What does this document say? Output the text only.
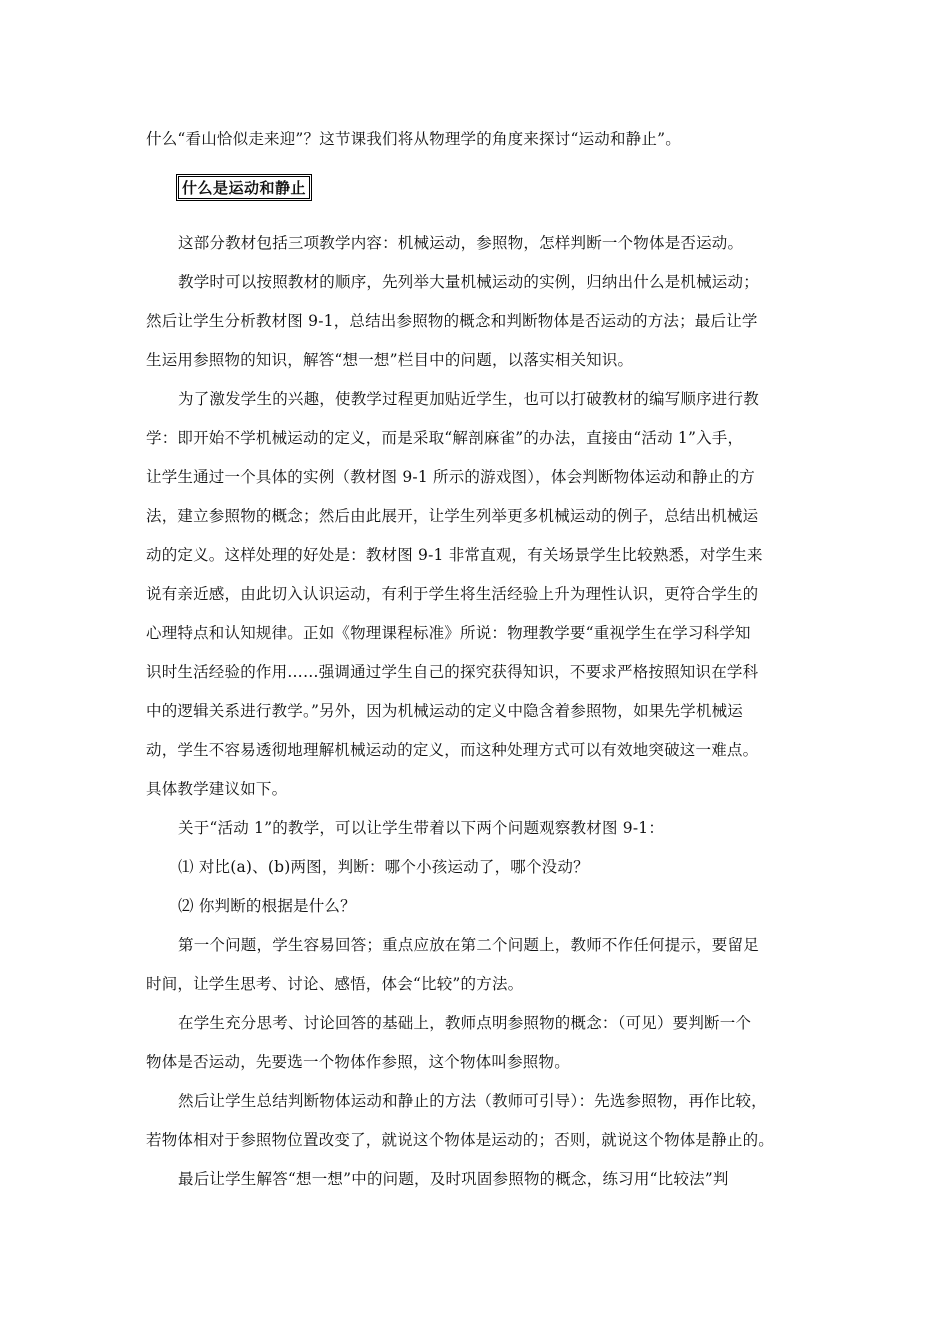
什么“看山恰似走来迎”？这节课我们将从物理学的角度来探讨“运动和静止”。

什么是运动和静止

这部分教材包括三项教学内容：机械运动，参照物，怎样判断一个物体是否运动。

教学时可以按照教材的顺序，先列举大量机械运动的实例，归纳出什么是机械运动；

然后让学生分析教材图 9-1，总结出参照物的概念和判断物体是否运动的方法；最后让学

生运用参照物的知识，解答“想一想”栏目中的问题，以落实相关知识。

为了激发学生的兴趣，使教学过程更加贴近学生，也可以打破教材的编写顺序进行教

学：即开始不学机械运动的定义，而是采取“解剖麻雀”的办法，直接由“活动 1”入手，

让学生通过一个具体的实例（教材图 9-1 所示的游戏图），体会判断物体运动和静止的方

法，建立参照物的概念；然后由此展开，让学生列举更多机械运动的例子，总结出机械运

动的定义。这样处理的好处是：教材图 9-1 非常直观，有关场景学生比较熟悉，对学生来

说有亲近感，由此切入认识运动，有利于学生将生活经验上升为理性认识，更符合学生的

心理特点和认知规律。正如《物理课程标准》所说：物理教学要“重视学生在学习科学知

识时生活经验的作用……强调通过学生自己的探究获得知识，不要求严格按照知识在学科

中的逻辑关系进行教学。”另外，因为机械运动的定义中隐含着参照物，如果先学机械运

动，学生不容易透彻地理解机械运动的定义，而这种处理方式可以有效地突破这一难点。

具体教学建议如下。

关于“活动 1”的教学，可以让学生带着以下两个问题观察教材图 9-1：

⑴ 对比(a)、(b)两图，判断：哪个小孩运动了，哪个没动？

⑵ 你判断的根据是什么？

第一个问题，学生容易回答；重点应放在第二个问题上，教师不作任何提示，要留足

时间，让学生思考、讨论、感悟，体会“比较”的方法。

在学生充分思考、讨论回答的基础上，教师点明参照物的概念：（可见）要判断一个

物体是否运动，先要选一个物体作参照，这个物体叫参照物。

然后让学生总结判断物体运动和静止的方法（教师可引导）：先选参照物，再作比较，

若物体相对于参照物位置改变了，就说这个物体是运动的；否则，就说这个物体是静止的。

最后让学生解答“想一想”中的问题，及时巩固参照物的概念，练习用“比较法”判
